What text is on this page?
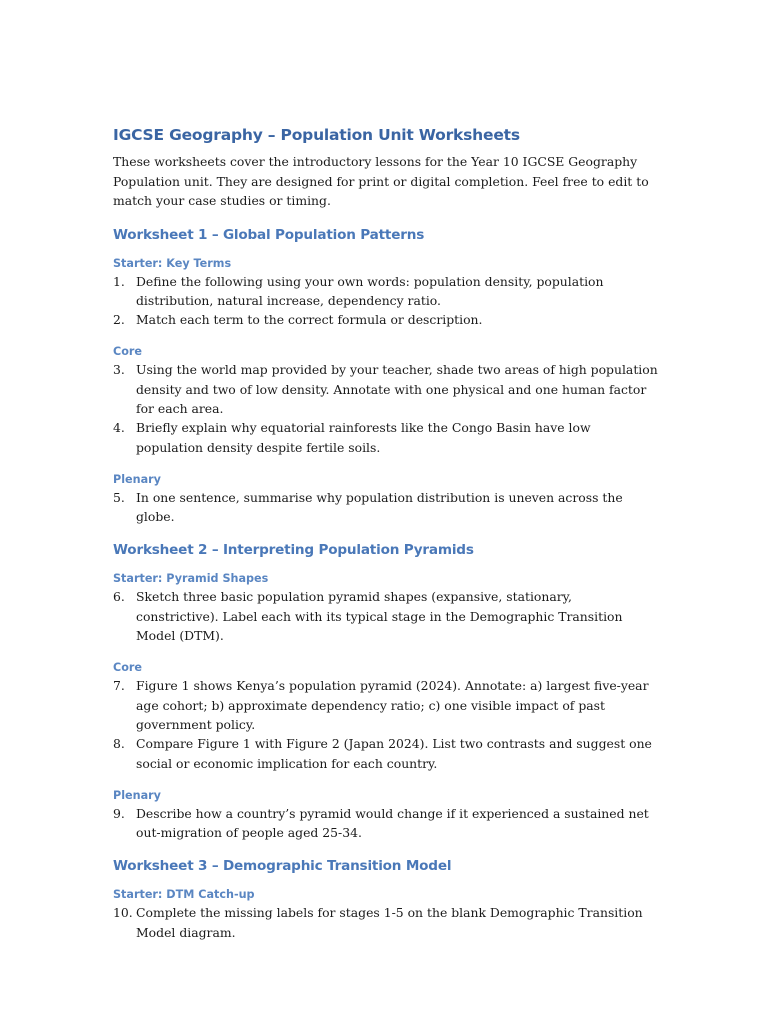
IGCSE Geography – Population Unit Worksheets

These worksheets cover the introductory lessons for the Year 10 IGCSE Geography Population unit. They are designed for print or digital completion. Feel free to edit to match your case studies or timing.

Worksheet 1 – Global Population Patterns
Starter: Key Terms
1. Define the following using your own words: population density, population distribution, natural increase, dependency ratio.
2. Match each term to the correct formula or description.
Core
3. Using the world map provided by your teacher, shade two areas of high population density and two of low density. Annotate with one physical and one human factor for each area.
4. Briefly explain why equatorial rainforests like the Congo Basin have low population density despite fertile soils.
Plenary
5. In one sentence, summarise why population distribution is uneven across the globe.
Worksheet 2 – Interpreting Population Pyramids
Starter: Pyramid Shapes
6. Sketch three basic population pyramid shapes (expansive, stationary, constrictive). Label each with its typical stage in the Demographic Transition Model (DTM).
Core
7. Figure 1 shows Kenya’s population pyramid (2024). Annotate: a) largest five-year age cohort; b) approximate dependency ratio; c) one visible impact of past government policy.
8. Compare Figure 1 with Figure 2 (Japan 2024). List two contrasts and suggest one social or economic implication for each country.
Plenary
9. Describe how a country’s pyramid would change if it experienced a sustained net out-migration of people aged 25-34.
Worksheet 3 – Demographic Transition Model
Starter: DTM Catch-up
10. Complete the missing labels for stages 1-5 on the blank Demographic Transition Model diagram.
